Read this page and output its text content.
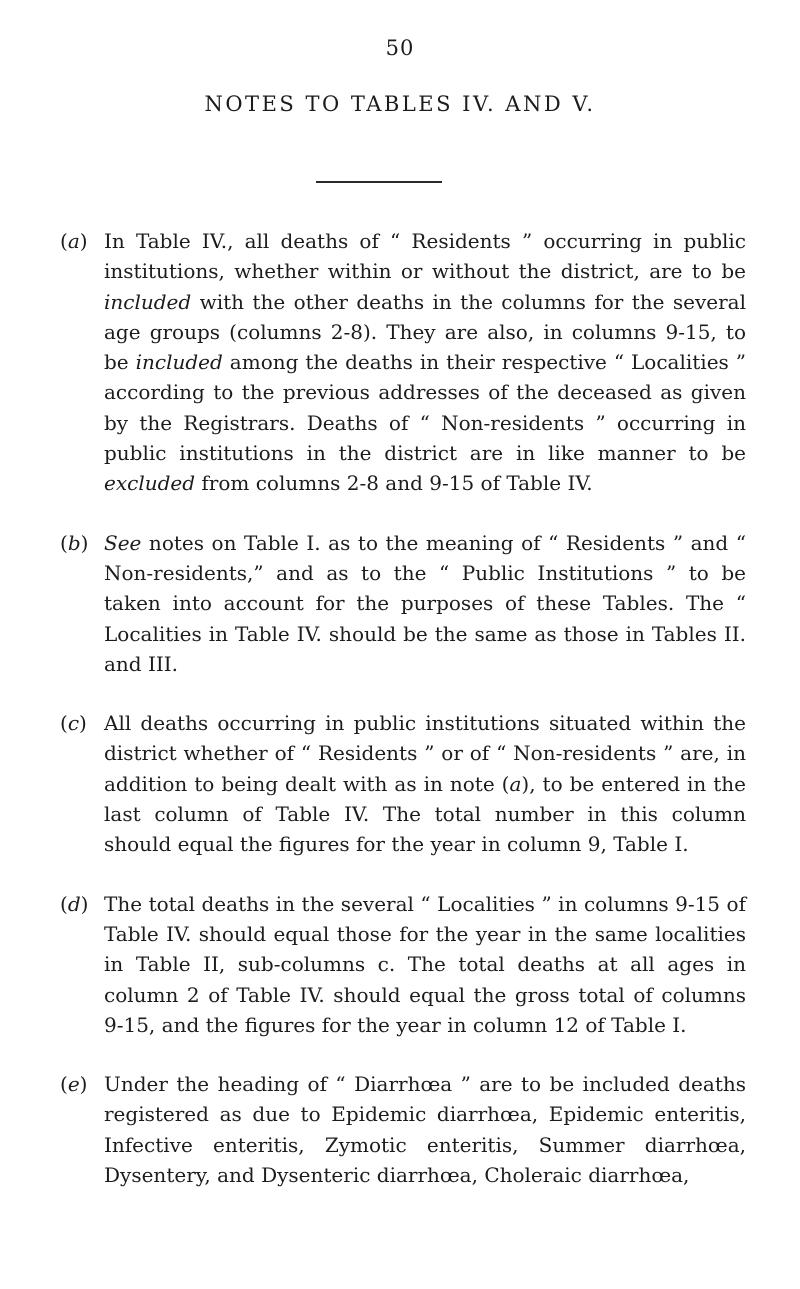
50
NOTES TO TABLES IV. AND V.
(a) In Table IV., all deaths of “ Residents ” occurring in public institutions, whether within or without the district, are to be included with the other deaths in the columns for the several age groups (columns 2-8). They are also, in columns 9-15, to be included among the deaths in their respective “ Localities ” according to the previous addresses of the deceased as given by the Registrars. Deaths of “ Non-residents ” occurring in public institutions in the district are in like manner to be excluded from columns 2-8 and 9-15 of Table IV.
(b) See notes on Table I. as to the meaning of “ Residents ” and “ Non-residents,” and as to the “ Public Institutions ” to be taken into account for the purposes of these Tables. The “ Localities in Table IV. should be the same as those in Tables II. and III.
(c) All deaths occurring in public institutions situated within the district whether of “ Residents ” or of “ Non-residents ” are, in addition to being dealt with as in note (a), to be entered in the last column of Table IV. The total number in this column should equal the figures for the year in column 9, Table I.
(d) The total deaths in the several “ Localities ” in columns 9-15 of Table IV. should equal those for the year in the same localities in Table II, sub-columns c. The total deaths at all ages in column 2 of Table IV. should equal the gross total of columns 9-15, and the figures for the year in column 12 of Table I.
(e) Under the heading of “ Diarrhœa ” are to be included deaths registered as due to Epidemic diarrhœa, Epidemic enteritis, Infective enteritis, Zymotic enteritis, Summer diarrhœa, Dysentery, and Dysenteric diarrhœa, Choleraic diarrhœa,
